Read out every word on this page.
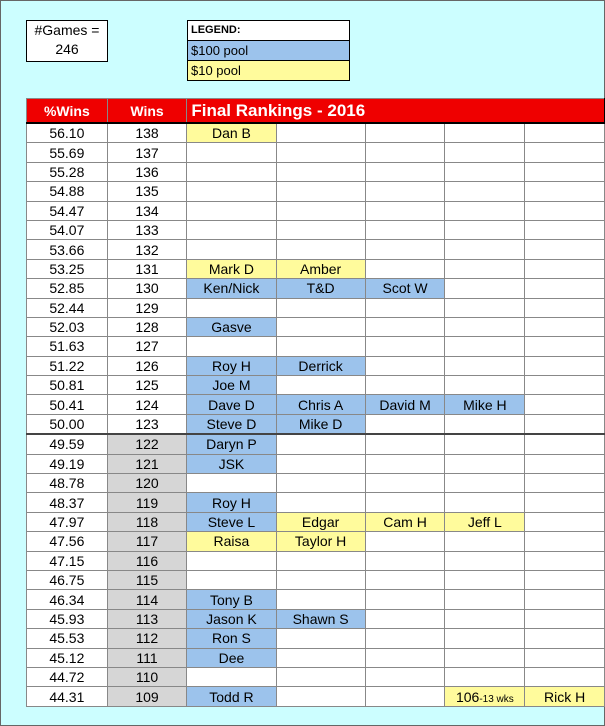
#Games =
246
LEGEND:
$100 pool
$10 pool
%Wins	Wins	Final Rankings - 2016				
56.10	138	Dan B				
55.69	137					
55.28	136					
54.88	135					
54.47	134					
54.07	133					
53.66	132					
53.25	131	Mark D	Amber			
52.85	130	Ken/Nick	T&D	Scot W		
52.44	129					
52.03	128	Gasve				
51.63	127					
51.22	126	Roy H	Derrick			
50.81	125	Joe M				
50.41	124	Dave D	Chris A	David M	Mike H	
50.00	123	Steve D	Mike D			
49.59	122	Daryn P				
49.19	121	JSK				
48.78	120					
48.37	119	Roy H				
47.97	118	Steve L	Edgar	Cam H	Jeff L	
47.56	117	Raisa	Taylor H			
47.15	116					
46.75	115					
46.34	114	Tony B				
45.93	113	Jason K	Shawn S			
45.53	112	Ron S				
45.12	111	Dee				
44.72	110					
44.31	109	Todd R			106-13 wks	Rick H
